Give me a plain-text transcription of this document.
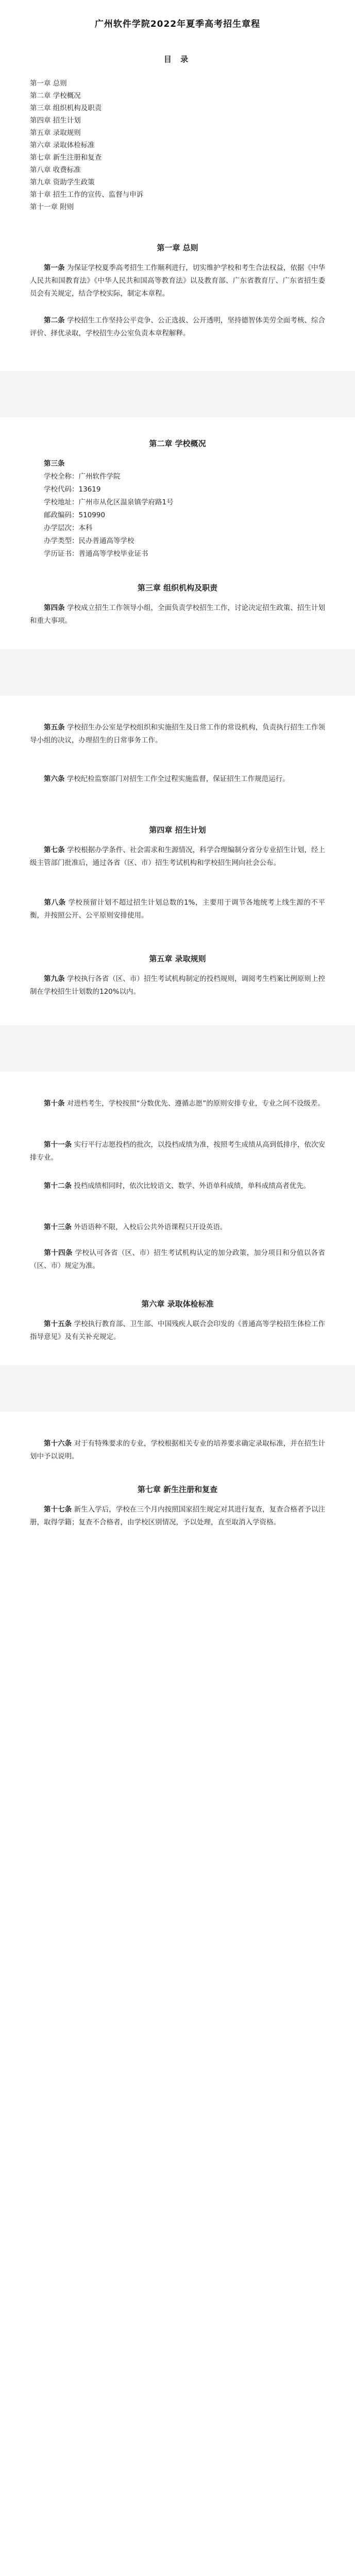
广州软件学院2022年夏季高考招生章程
目 录
第一章 总则
第二章 学校概况
第三章 组织机构及职责
第四章 招生计划
第五章 录取规则
第六章 录取体检标准
第七章 新生注册和复查
第八章 收费标准
第九章 资助学生政策
第十章 招生工作的宣传、监督与申诉
第十一章 附则
第一章 总则
第一条 为保证学校夏季高考招生工作顺利进行，切实维护学校和考生合法权益，依据《中华人民共和国教育法》《中华人民共和国高等教育法》以及教育部、广东省教育厅、广东省招生委员会有关规定，结合学校实际，制定本章程。
第二条 学校招生工作坚持公平竞争、公正选拔、公开透明，坚持德智体美劳全面考核、综合评价、择优录取，学校招生办公室负责本章程解释。
第二章 学校概况
第三条
学校全称：广州软件学院
学校代码：13619
学校地址：广州市从化区温泉镇学府路1号
邮政编码：510990
办学层次：本科
办学类型：民办普通高等学校
学历证书：普通高等学校毕业证书
第三章 组织机构及职责
第四条 学校成立招生工作领导小组，全面负责学校招生工作，讨论决定招生政策、招生计划和重大事项。
第五条 学校招生办公室是学校组织和实施招生及日常工作的常设机构，负责执行招生工作领导小组的决议，办理招生的日常事务工作。
第六条 学校纪检监察部门对招生工作全过程实施监督，保证招生工作规范运行。
第四章 招生计划
第七条 学校根据办学条件、社会需求和生源情况，科学合理编制分省分专业招生计划，经上级主管部门批准后，通过各省（区、市）招生考试机构和学校招生网向社会公布。
第八条 学校预留计划不超过招生计划总数的1%，主要用于调节各地统考上线生源的不平衡，并按照公开、公平原则安排使用。
第五章 录取规则
第九条 学校执行各省（区、市）招生考试机构制定的投档规则，调阅考生档案比例原则上控制在学校招生计划数的120%以内。
第十条 对进档考生，学校按照“分数优先、遵循志愿”的原则安排专业，专业之间不设级差。
第十一条 实行平行志愿投档的批次，以投档成绩为准，按照考生成绩从高到低排序，依次安排专业。
第十二条 投档成绩相同时，依次比较语文、数学、外语单科成绩，单科成绩高者优先。
第十三条 外语语种不限，入校后公共外语课程只开设英语。
第十四条 学校认可各省（区、市）招生考试机构认定的加分政策，加分项目和分值以各省（区、市）规定为准。
第六章 录取体检标准
第十五条 学校执行教育部、卫生部、中国残疾人联合会印发的《普通高等学校招生体检工作指导意见》及有关补充规定。
第十六条 对于有特殊要求的专业，学校根据相关专业的培养要求确定录取标准，并在招生计划中予以说明。
第七章 新生注册和复查
第十七条 新生入学后，学校在三个月内按照国家招生规定对其进行复查，复查合格者予以注册，取得学籍；复查不合格者，由学校区别情况，予以处理，直至取消入学资格。
